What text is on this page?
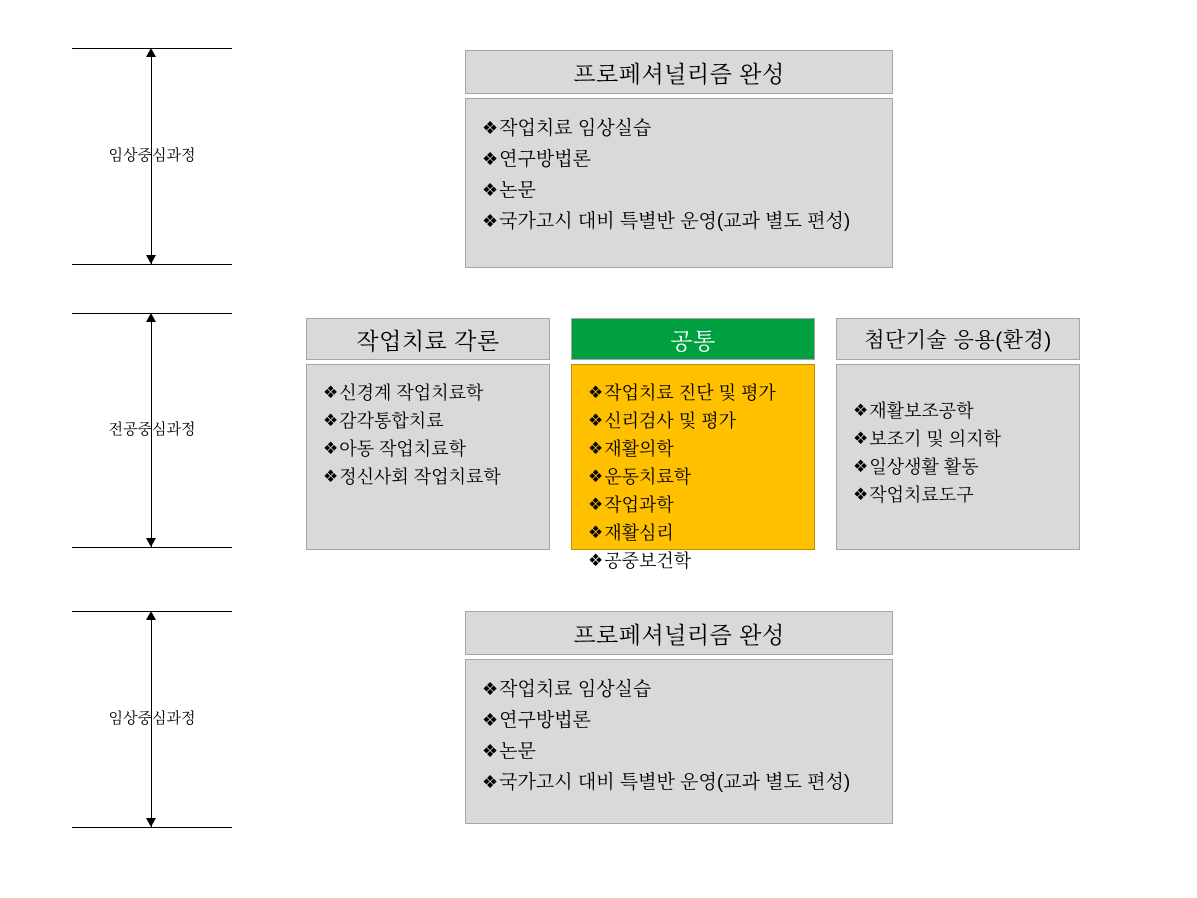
임상중심과정
전공중심과정
임상중심과정
프로페셔널리즘 완성
❖ 작업치료 임상실습
❖ 연구방법론
❖ 논문
❖ 국가고시 대비 특별반 운영(교과 별도 편성)
작업치료 각론
❖ 신경계 작업치료학
❖ 감각통합치료
❖ 아동 작업치료학
❖ 정신사회 작업치료학
공통
❖ 작업치료 진단 및 평가
❖ 신리검사 및 평가
❖ 재활의학
❖ 운동치료학
❖ 작업과학
❖ 재활심리
❖ 공중보건학
첨단기술 응용(환경)
❖ 재활보조공학
❖ 보조기 및 의지학
❖ 일상생활 활동
❖ 작업치료도구
프로페셔널리즘 완성
❖ 작업치료 임상실습
❖ 연구방법론
❖ 논문
❖ 국가고시 대비 특별반 운영(교과 별도 편성)
